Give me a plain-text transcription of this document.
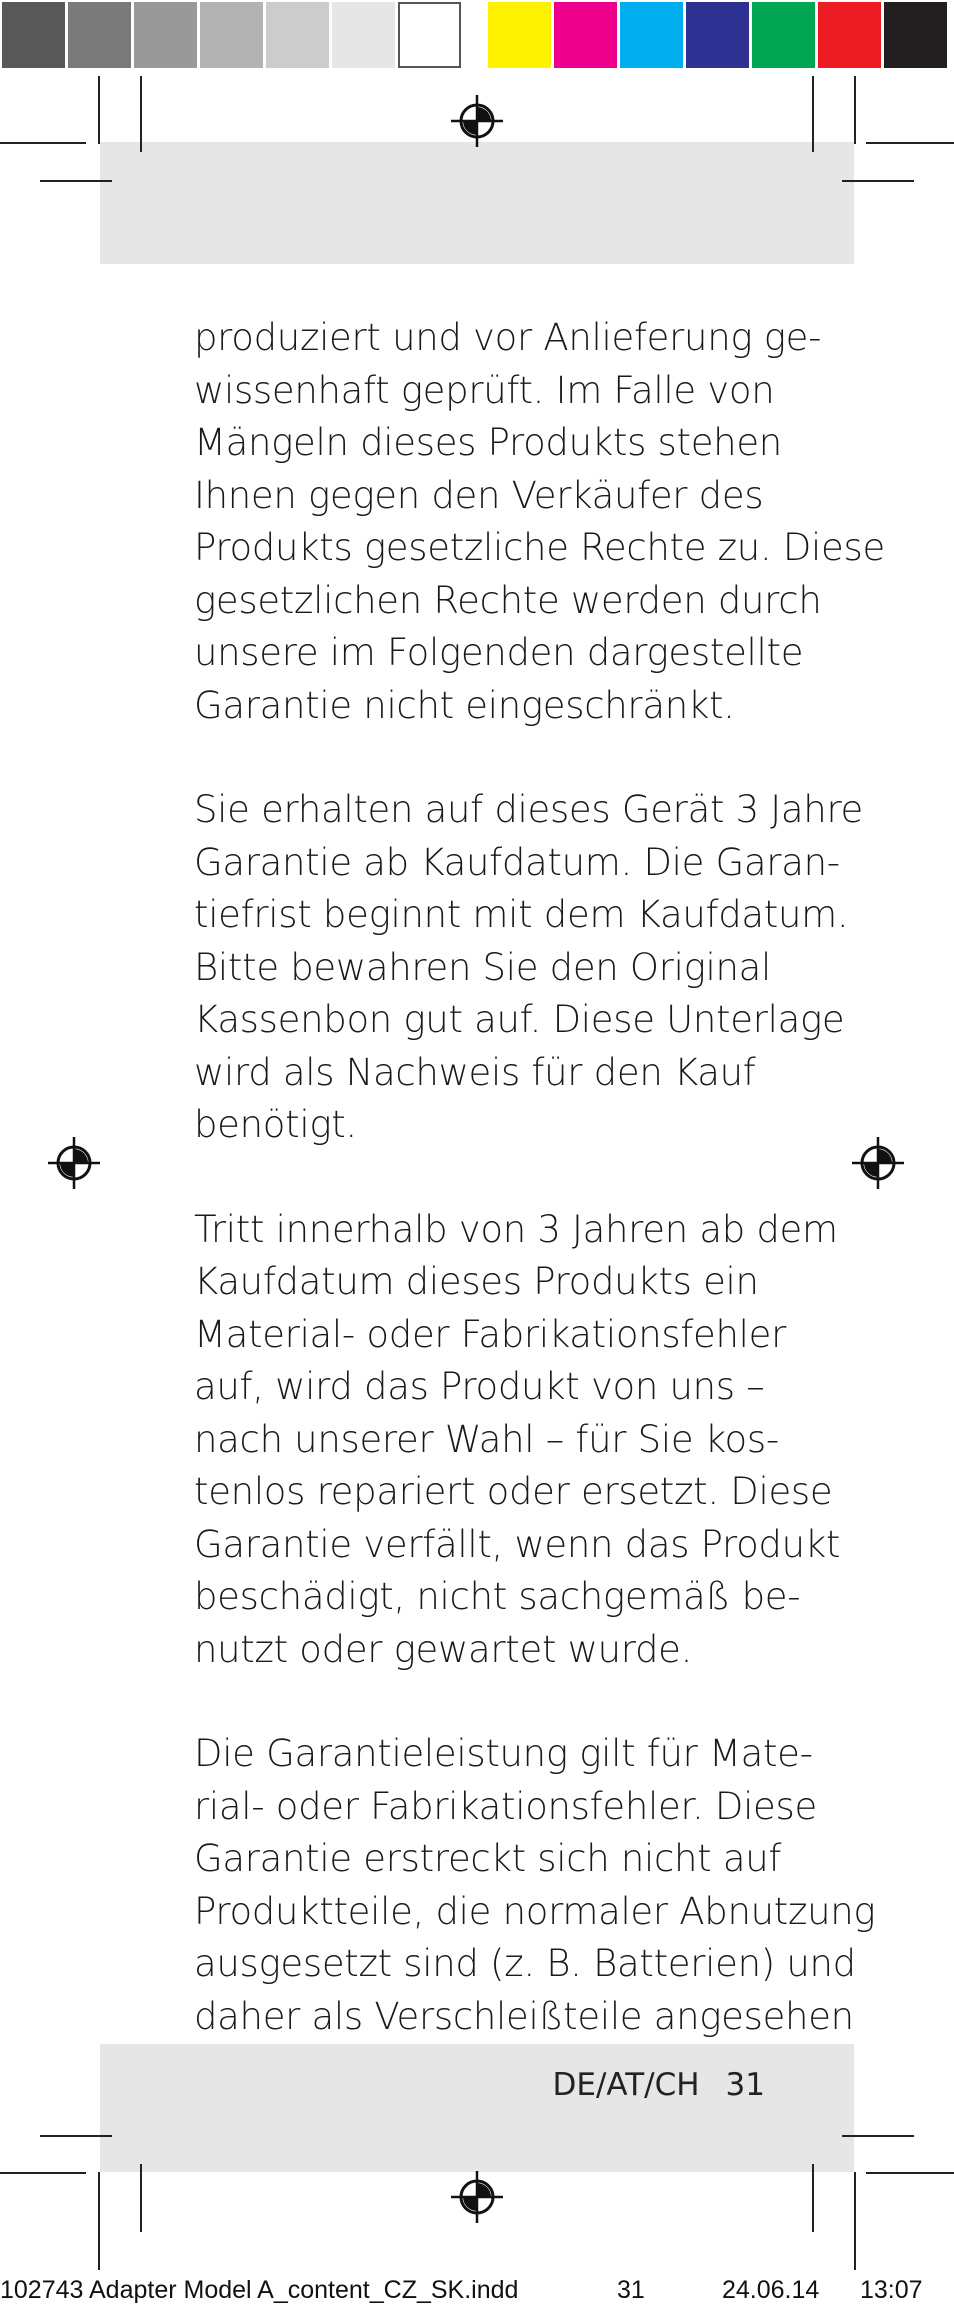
produziert und vor Anlieferung ge-
wissenhaft geprüft. Im Falle von
Mängeln dieses Produkts stehen
Ihnen gegen den Verkäufer des
Produkts gesetzliche Rechte zu. Diese
gesetzlichen Rechte werden durch
unsere im Folgenden dargestellte
Garantie nicht eingeschränkt.

Sie erhalten auf dieses Gerät 3 Jahre
Garantie ab Kaufdatum. Die Garan-
tiefrist beginnt mit dem Kaufdatum.
Bitte bewahren Sie den Original
Kassenbon gut auf. Diese Unterlage
wird als Nachweis für den Kauf
benötigt.

Tritt innerhalb von 3 Jahren ab dem
Kaufdatum dieses Produkts ein
Material- oder Fabrikationsfehler
auf, wird das Produkt von uns –
nach unserer Wahl – für Sie kos-
tenlos repariert oder ersetzt. Diese
Garantie verfällt, wenn das Produkt
beschädigt, nicht sachgemäß be-
nutzt oder gewartet wurde.

Die Garantieleistung gilt für Mate-
rial- oder Fabrikationsfehler. Diese
Garantie erstreckt sich nicht auf
Produktteile, die normaler Abnutzung
ausgesetzt sind (z. B. Batterien) und
daher als Verschleißteile angesehen

DE/AT/CH 31
102743 Adapter Model A_content_CZ_SK.indd	31	24.06.14 13:07
